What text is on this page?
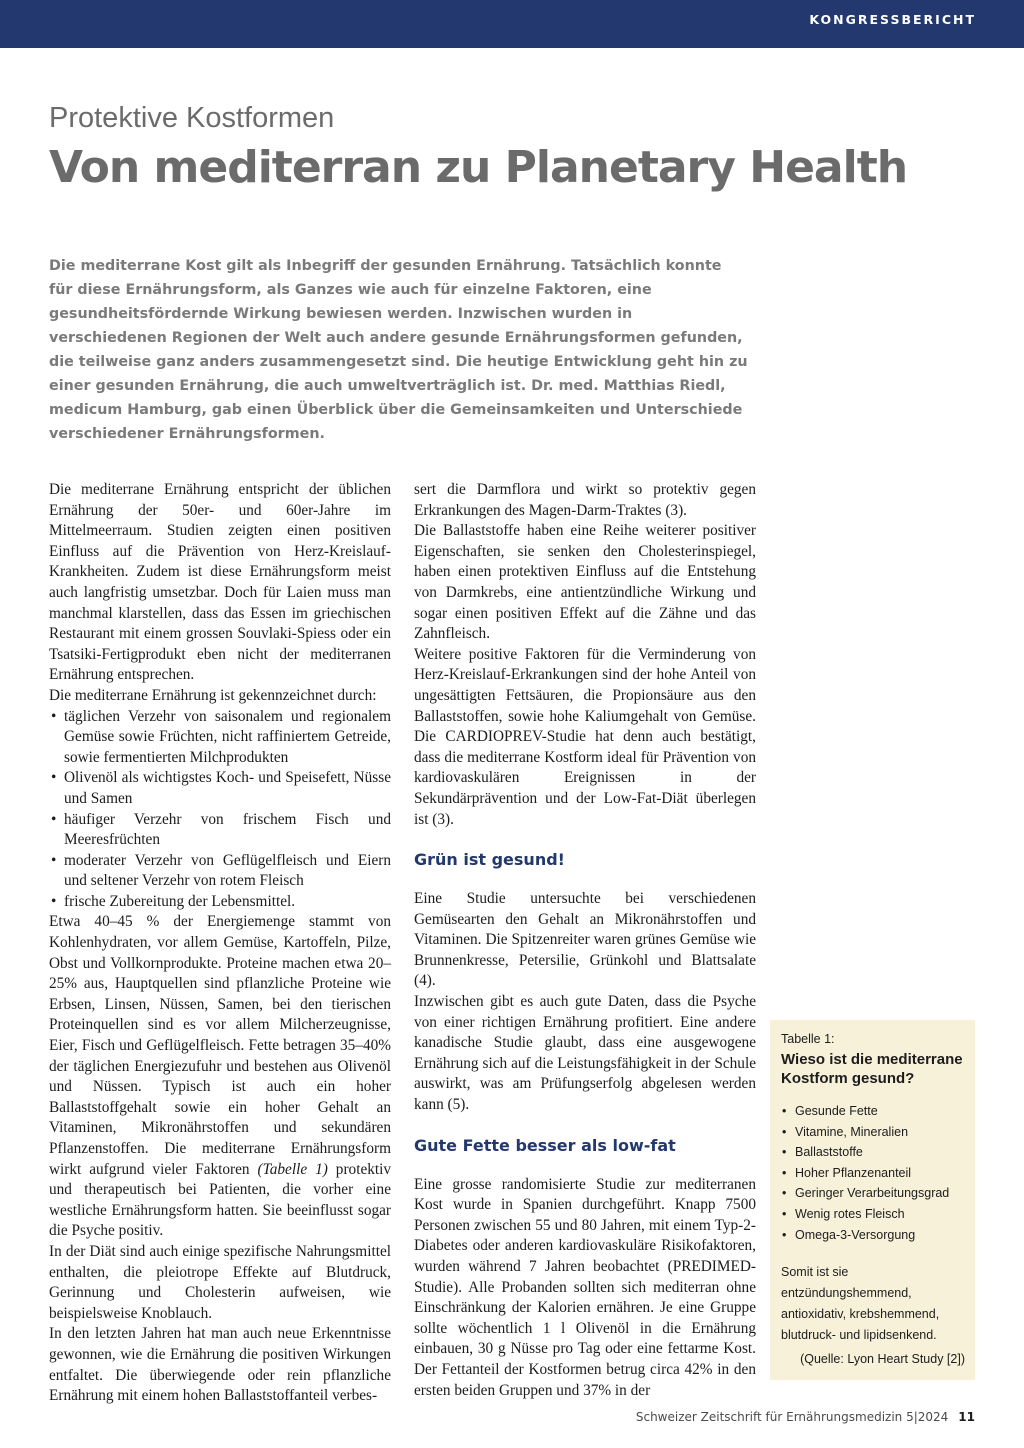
KONGRESSBERICHT
Protektive Kostformen
Von mediterran zu Planetary Health

Die mediterrane Kost gilt als Inbegriff der gesunden Ernährung. Tatsächlich konnte für diese Ernährungsform, als Ganzes wie auch für einzelne Faktoren, eine gesundheitsfördernde Wirkung bewiesen werden. Inzwischen wurden in verschiedenen Regionen der Welt auch andere gesunde Ernährungsformen gefunden, die teilweise ganz anders zusammengesetzt sind. Die heutige Entwicklung geht hin zu einer gesunden Ernährung, die auch umweltverträglich ist. Dr. med. Matthias Riedl, medicum Hamburg, gab einen Überblick über die Gemeinsamkeiten und Unterschiede verschiedener Ernährungsformen.

Die mediterrane Ernährung entspricht der üblichen Ernährung der 50er- und 60er-Jahre im Mittelmeerraum. Studien zeigten einen positiven Einfluss auf die Prävention von Herz-Kreislauf-Krankheiten. Zudem ist diese Ernährungsform meist auch langfristig umsetzbar. Doch für Laien muss man manchmal klarstellen, dass das Essen im griechischen Restaurant mit einem grossen Souvlaki-Spiess oder ein Tsatsiki-Fertigprodukt eben nicht der mediterranen Ernährung entsprechen.

Die mediterrane Ernährung ist gekennzeichnet durch:

• täglichen Verzehr von saisonalem und regionalem Gemüse sowie Früchten, nicht raffiniertem Getreide, sowie fermentierten Milchprodukten
• Olivenöl als wichtigstes Koch- und Speisefett, Nüsse und Samen
• häufiger Verzehr von frischem Fisch und Meeresfrüchten
• moderater Verzehr von Geflügelfleisch und Eiern und seltener Verzehr von rotem Fleisch
• frische Zubereitung der Lebensmittel.

Etwa 40–45 % der Energiemenge stammt von Kohlenhydraten, vor allem Gemüse, Kartoffeln, Pilze, Obst und Vollkornprodukte. Proteine machen etwa 20–25% aus, Hauptquellen sind pflanzliche Proteine wie Erbsen, Linsen, Nüssen, Samen, bei den tierischen Proteinquellen sind es vor allem Milcherzeugnisse, Eier, Fisch und Geflügelfleisch. Fette betragen 35–40% der täglichen Energiezufuhr und bestehen aus Olivenöl und Nüssen. Typisch ist auch ein hoher Ballaststoffgehalt sowie ein hoher Gehalt an Vitaminen, Mikronährstoffen und sekundären Pflanzenstoffen. Die mediterrane Ernährungsform wirkt aufgrund vieler Faktoren (Tabelle 1) protektiv und therapeutisch bei Patienten, die vorher eine westliche Ernährungsform hatten. Sie beeinflusst sogar die Psyche positiv.

In der Diät sind auch einige spezifische Nahrungsmittel enthalten, die pleiotrope Effekte auf Blutdruck, Gerinnung und Cholesterin aufweisen, wie beispielsweise Knoblauch.

In den letzten Jahren hat man auch neue Erkenntnisse gewonnen, wie die Ernährung die positiven Wirkungen entfaltet. Die überwiegende oder rein pflanzliche Ernährung mit einem hohen Ballaststoffanteil verbes-

sert die Darmflora und wirkt so protektiv gegen Erkrankungen des Magen-Darm-Traktes (3).

Die Ballaststoffe haben eine Reihe weiterer positiver Eigenschaften, sie senken den Cholesterinspiegel, haben einen protektiven Einfluss auf die Entstehung von Darmkrebs, eine antientzündliche Wirkung und sogar einen positiven Effekt auf die Zähne und das Zahnfleisch.

Weitere positive Faktoren für die Verminderung von Herz-Kreislauf-Erkrankungen sind der hohe Anteil von ungesättigten Fettsäuren, die Propionsäure aus den Ballaststoffen, sowie hohe Kaliumgehalt von Gemüse. Die CARDIOPREV-Studie hat denn auch bestätigt, dass die mediterrane Kostform ideal für Prävention von kardiovaskulären Ereignissen in der Sekundärprävention und der Low-Fat-Diät überlegen ist (3).

Grün ist gesund!

Eine Studie untersuchte bei verschiedenen Gemüsearten den Gehalt an Mikronährstoffen und Vitaminen. Die Spitzenreiter waren grünes Gemüse wie Brunnenkresse, Petersilie, Grünkohl und Blattsalate (4).

Inzwischen gibt es auch gute Daten, dass die Psyche von einer richtigen Ernährung profitiert. Eine andere kanadische Studie glaubt, dass eine ausgewogene Ernährung sich auf die Leistungsfähigkeit in der Schule auswirkt, was am Prüfungserfolg abgelesen werden kann (5).

Gute Fette besser als low-fat

Eine grosse randomisierte Studie zur mediterranen Kost wurde in Spanien durchgeführt. Knapp 7500 Personen zwischen 55 und 80 Jahren, mit einem Typ-2-Diabetes oder anderen kardiovaskuläre Risikofaktoren, wurden während 7 Jahren beobachtet (PREDIMED-Studie). Alle Probanden sollten sich mediterran ohne Einschränkung der Kalorien ernähren. Je eine Gruppe sollte wöchentlich 1 l Olivenöl in die Ernährung einbauen, 30 g Nüsse pro Tag oder eine fettarme Kost. Der Fettanteil der Kostformen betrug circa 42% in den ersten beiden Gruppen und 37% in der

Tabelle 1:
Wieso ist die mediterrane Kostform gesund?
• Gesunde Fette
• Vitamine, Mineralien
• Ballaststoffe
• Hoher Pflanzenanteil
• Geringer Verarbeitungsgrad
• Wenig rotes Fleisch
• Omega-3-Versorgung

Somit ist sie entzündungshemmend, antioxidativ, krebshemmend, blutdruck- und lipidsenkend.

(Quelle: Lyon Heart Study [2])

Schweizer Zeitschrift für Ernährungsmedizin 5|2024 11
